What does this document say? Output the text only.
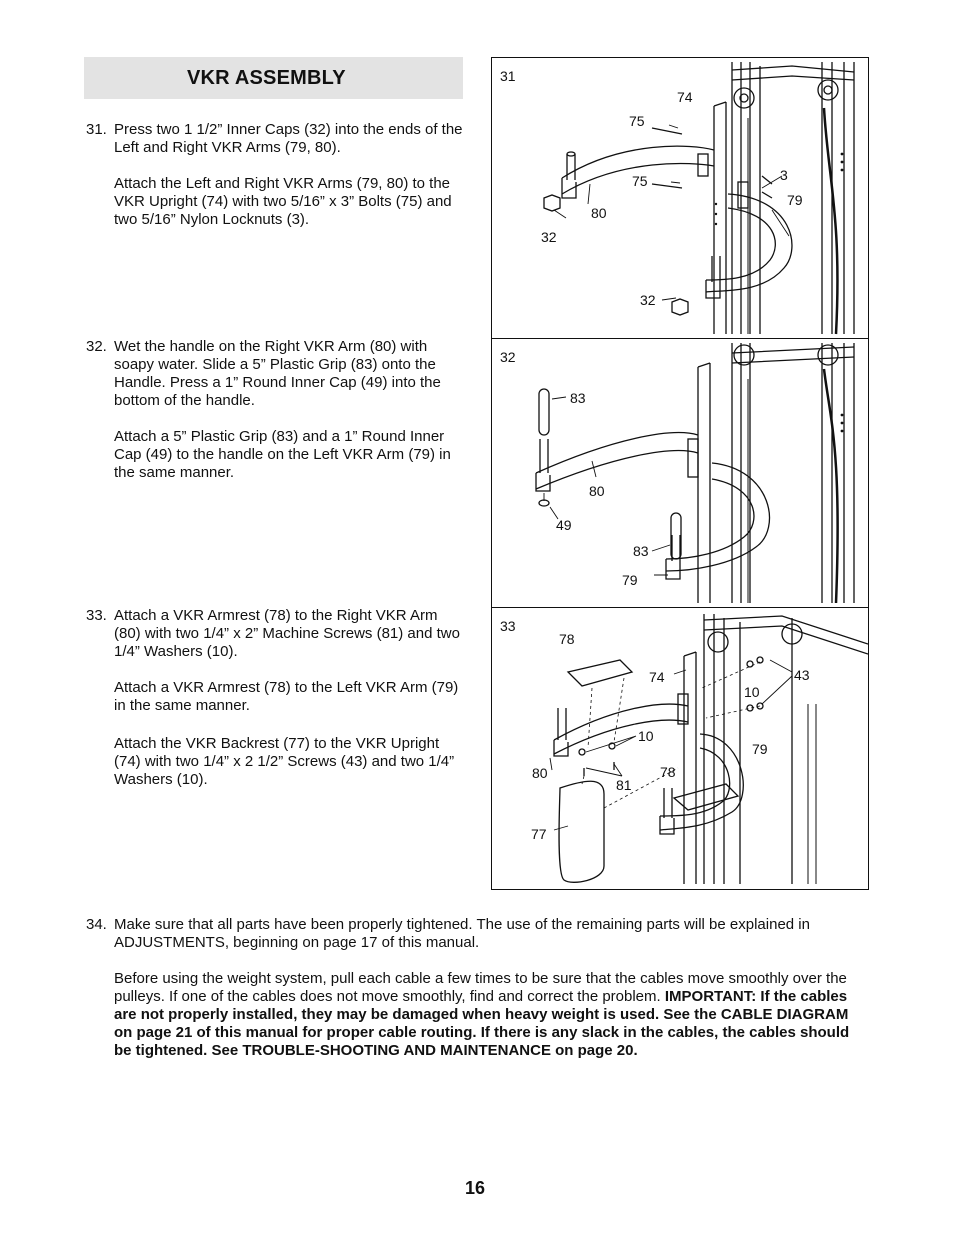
VKR ASSEMBLY
31. Press two 1 1/2” Inner Caps (32) into the ends of the Left and Right VKR Arms (79, 80).

Attach the Left and Right VKR Arms (79, 80) to the VKR Upright (74) with two 5/16” x 3” Bolts (75) and two 5/16” Nylon Locknuts (3).

32. Wet the handle on the Right VKR Arm (80) with soapy water. Slide a 5” Plastic Grip (83) onto the Handle. Press a 1” Round Inner Cap (49) into the bottom of the handle.

Attach a 5” Plastic Grip (83) and a 1” Round Inner Cap (49) to the handle on the Left VKR Arm (79) in the same manner.

33. Attach a VKR Armrest (78) to the Right VKR Arm (80) with two 1/4” x 2” Machine Screws (81) and two 1/4” Washers (10).

Attach a VKR Armrest (78) to the Left VKR Arm (79) in the same manner.

Attach the VKR Backrest (77) to the VKR Upright (74) with two 1/4” x 2 1/2” Screws (43) and two 1/4” Washers (10).

34. Make sure that all parts have been properly tightened. The use of the remaining parts will be explained in ADJUSTMENTS, beginning on page 17 of this manual.

Before using the weight system, pull each cable a few times to be sure that the cables move smoothly over the pulleys. If one of the cables does not move smoothly, find and correct the problem. IMPORTANT: If the cables are not properly installed, they may be damaged when heavy weight is used. See the CABLE DIAGRAM on page 21 of this manual for proper cable routing. If there is any slack in the cables, the cables should be tightened. See TROUBLE-SHOOTING AND MAINTENANCE on page 20.

31
74
75
75	3
79
80
32
32
32
83
80
49
83
79
33
78
74	43
10
10
79
80
81
78
77
16
